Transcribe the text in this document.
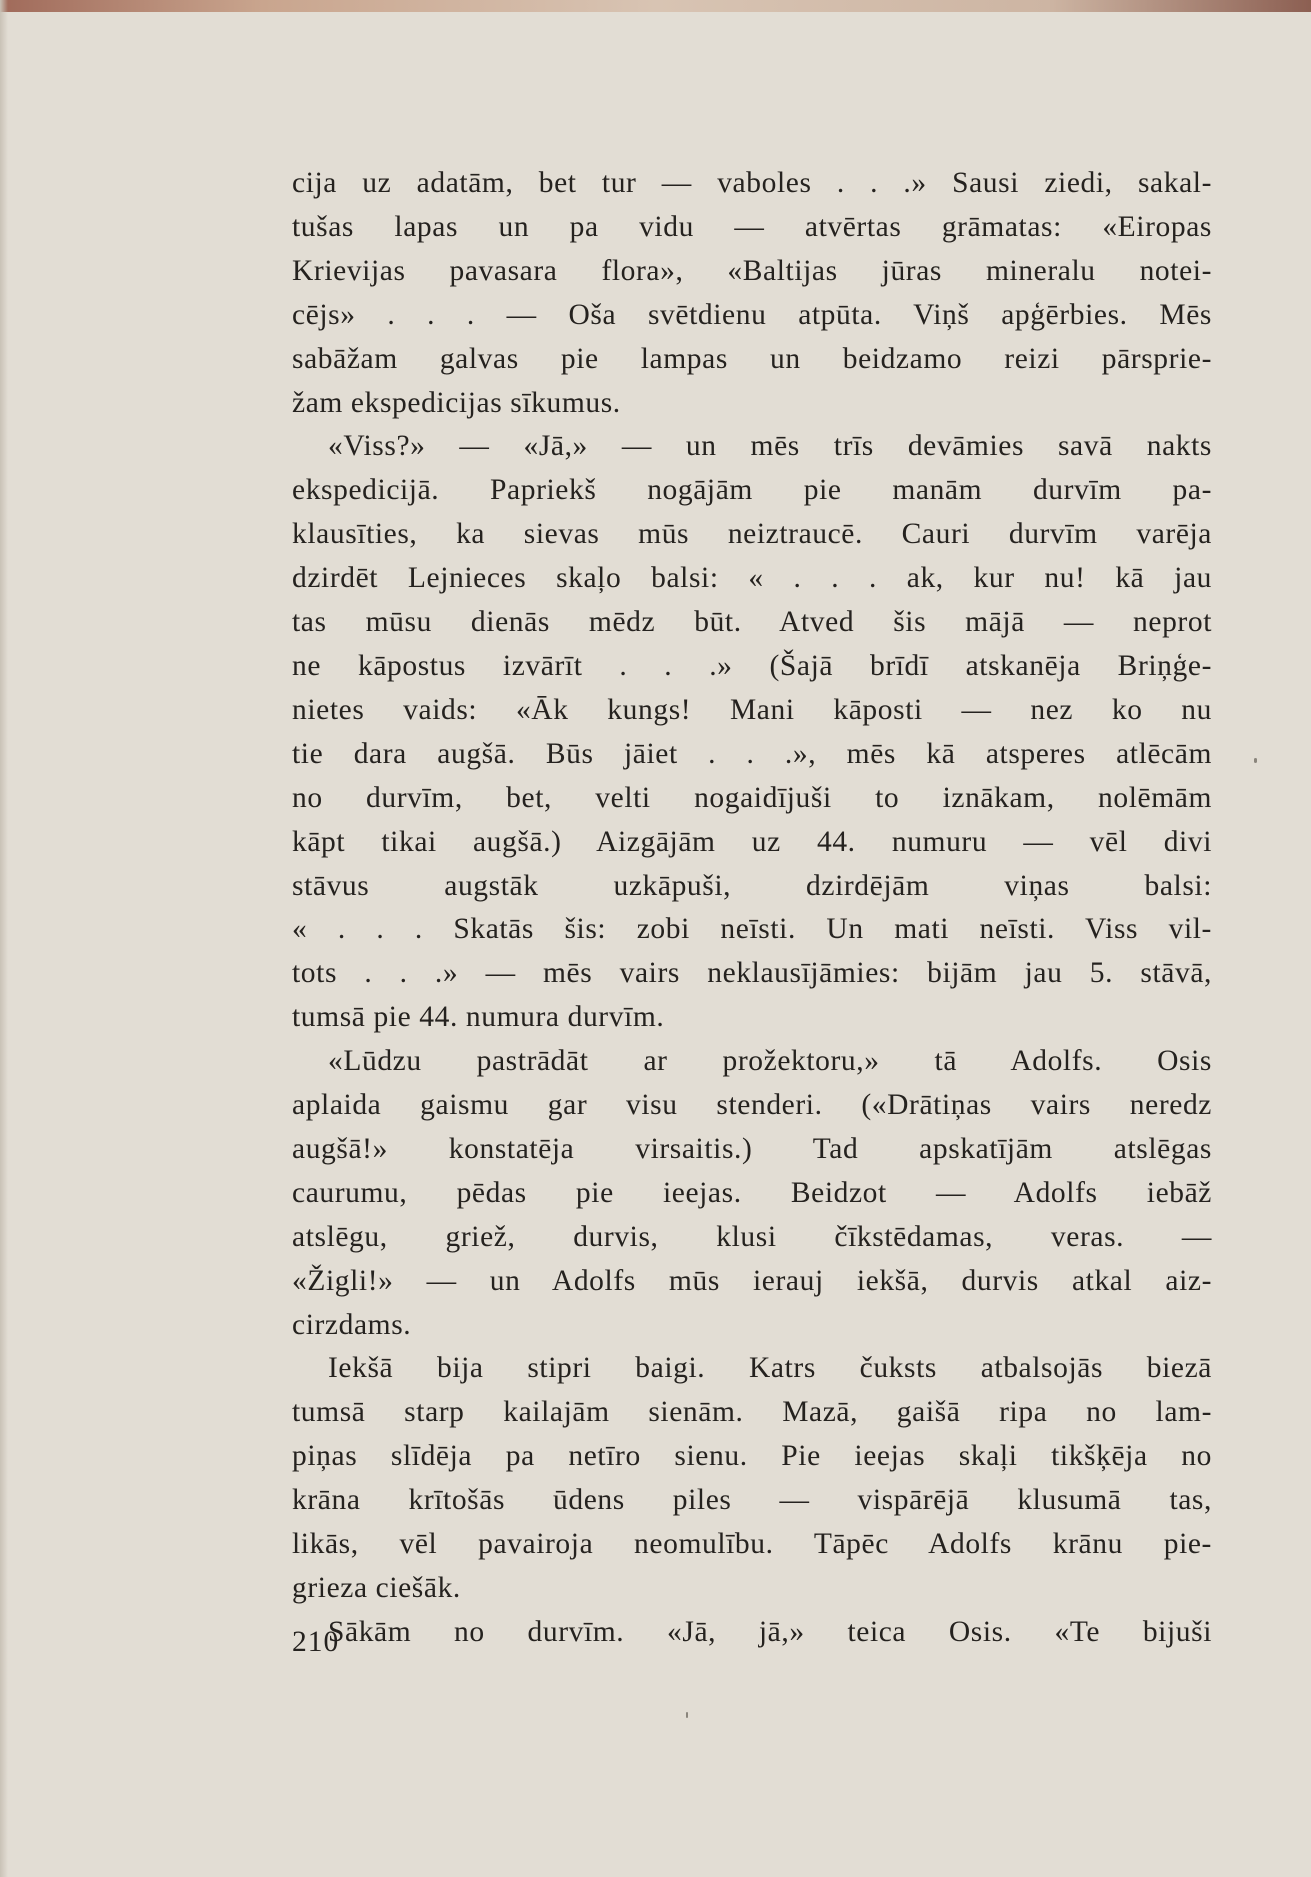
cija uz adatām, bet tur — vaboles . . .» Sausi ziedi, sakal-
tušas lapas un pa vidu — atvērtas grāmatas: «Eiropas
Krievijas pavasara flora», «Baltijas jūras mineralu notei-
cējs» . . . — Oša svētdienu atpūta. Viņš apģērbies. Mēs
sabāžam galvas pie lampas un beidzamo reizi pārsprie-
žam ekspedicijas sīkumus.
«Viss?» — «Jā,» — un mēs trīs devāmies savā nakts
ekspedicijā. Papriekš nogājām pie manām durvīm pa-
klausīties, ka sievas mūs neiztraucē. Cauri durvīm varēja
dzirdēt Lejnieces skaļo balsi: « . . . ak, kur nu! kā jau
tas mūsu dienās mēdz būt. Atved šis mājā — neprot
ne kāpostus izvārīt . . .» (Šajā brīdī atskanēja Briņģe-
nietes vaids: «Āk kungs! Mani kāposti — nez ko nu
tie dara augšā. Būs jāiet . . .», mēs kā atsperes atlēcām
no durvīm, bet, velti nogaidījuši to iznākam, nolēmām
kāpt tikai augšā.) Aizgājām uz 44. numuru — vēl divi
stāvus augstāk uzkāpuši, dzirdējām viņas balsi:
« . . . Skatās šis: zobi neīsti. Un mati neīsti. Viss vil-
tots . . .» — mēs vairs neklausījāmies: bijām jau 5. stāvā,
tumsā pie 44. numura durvīm.
«Lūdzu pastrādāt ar prožektoru,» tā Adolfs. Osis
aplaida gaismu gar visu stenderi. («Drātiņas vairs neredz
augšā!» konstatēja virsaitis.) Tad apskatījām atslēgas
caurumu, pēdas pie ieejas. Beidzot — Adolfs iebāž
atslēgu, griež, durvis, klusi čīkstēdamas, veras. —
«Žigli!» — un Adolfs mūs ierauj iekšā, durvis atkal aiz-
cirzdams.
Iekšā bija stipri baigi. Katrs čuksts atbalsojās biezā
tumsā starp kailajām sienām. Mazā, gaišā ripa no lam-
piņas slīdēja pa netīro sienu. Pie ieejas skaļi tikšķēja no
krāna krītošās ūdens piles — vispārējā klusumā tas,
likās, vēl pavairoja neomulību. Tāpēc Adolfs krānu pie-
grieza ciešāk.
Sākām no durvīm. «Jā, jā,» teica Osis. «Te bijuši
210
